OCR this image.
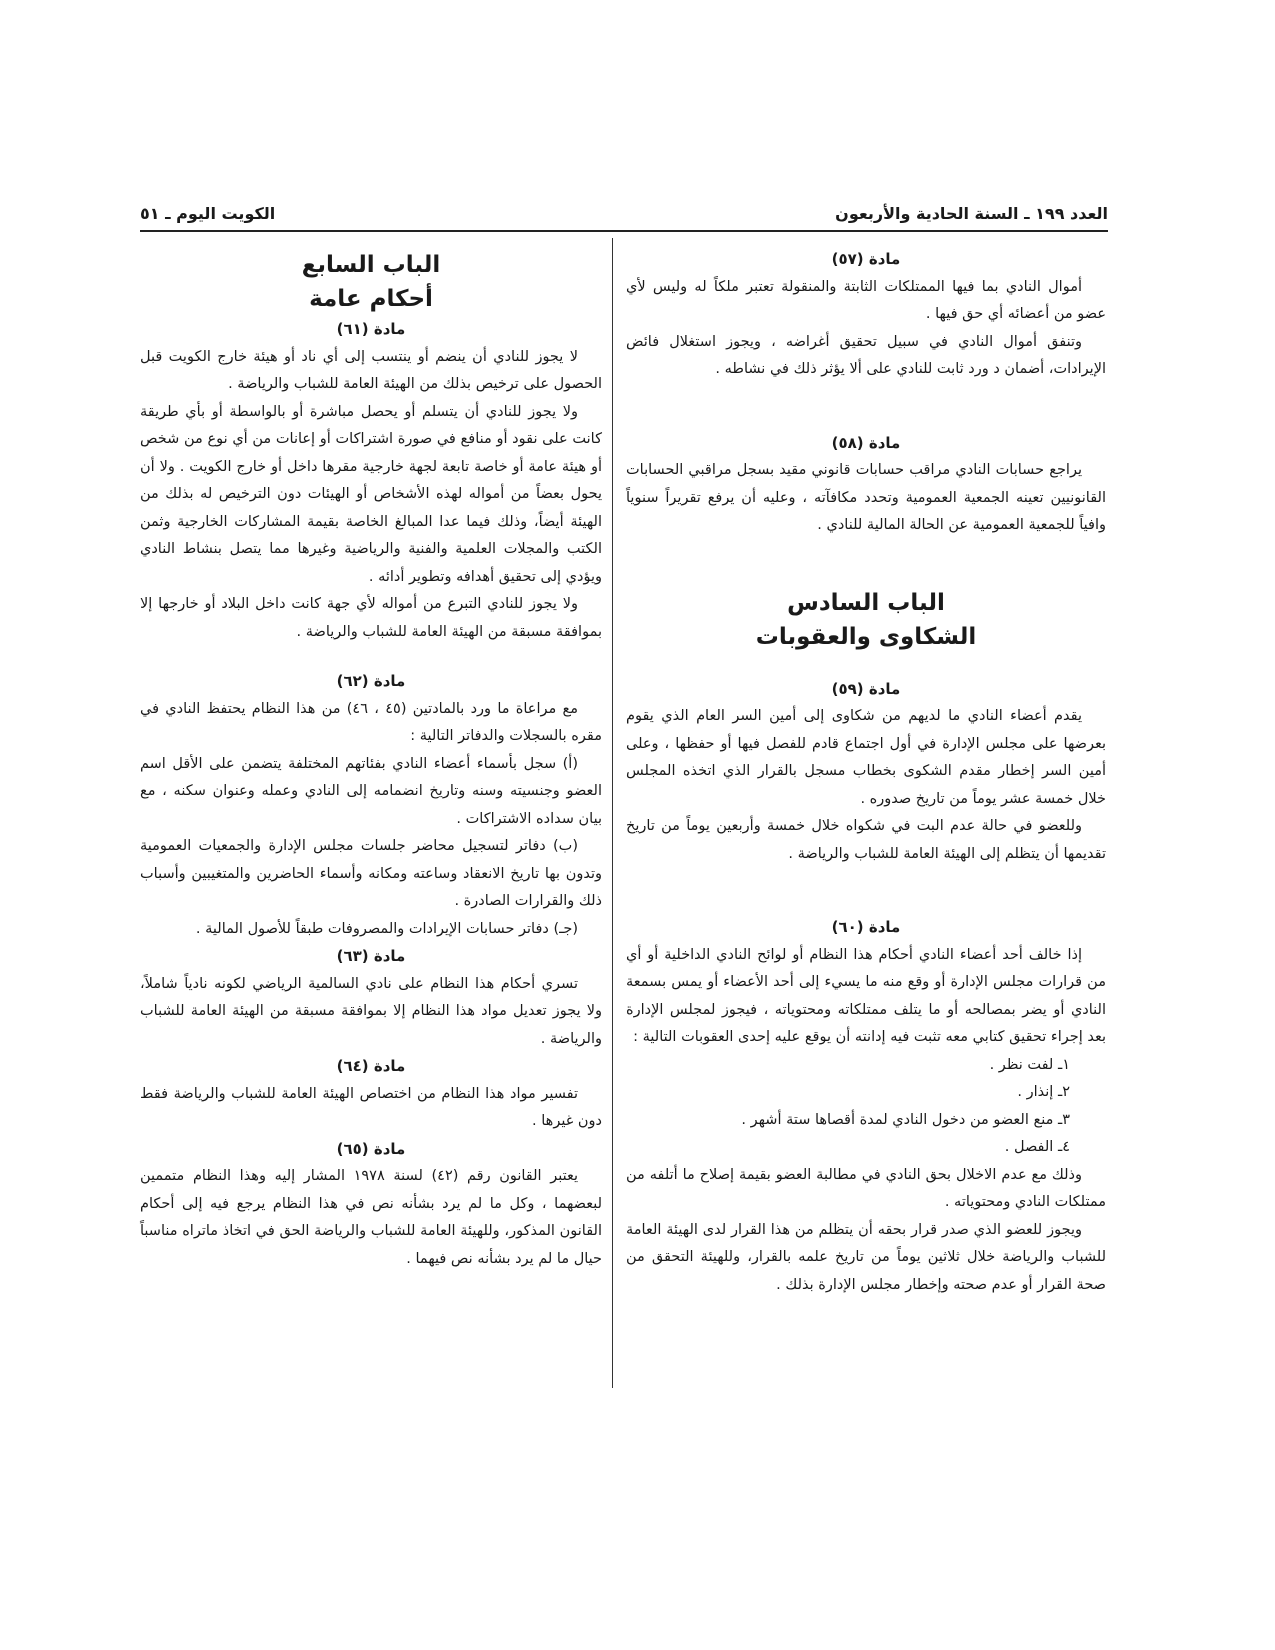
العدد ١٩٩ ـ السنة الحادية والأربعون
الكويت اليوم ـ ٥١

مادة (٥٧)

أموال النادي بما فيها الممتلكات الثابتة والمنقولة تعتبر ملكاً له وليس لأي عضو من أعضائه أي حق فيها .

وتنفق أموال النادي في سبيل تحقيق أغراضه ، ويجوز استغلال فائض الإيرادات، أضمان د ورد ثابت للنادي على ألا يؤثر ذلك في نشاطه .

مادة (٥٨)

يراجع حسابات النادي مراقب حسابات قانوني مقيد بسجل مراقبي الحسابات القانونيين تعينه الجمعية العمومية وتحدد مكافآته ، وعليه أن يرفع تقريراً سنوياً وافياً للجمعية العمومية عن الحالة المالية للنادي .

الباب السادس

الشكاوى والعقوبات

مادة (٥٩)

يقدم أعضاء النادي ما لديهم من شكاوى إلى أمين السر العام الذي يقوم بعرضها على مجلس الإدارة في أول اجتماع قادم للفصل فيها أو حفظها ، وعلى أمين السر إخطار مقدم الشكوى بخطاب مسجل بالقرار الذي اتخذه المجلس خلال خمسة عشر يوماً من تاريخ صدوره .

وللعضو في حالة عدم البت في شكواه خلال خمسة وأربعين يوماً من تاريخ تقديمها أن يتظلم إلى الهيئة العامة للشباب والرياضة .

مادة (٦٠)

إذا خالف أحد أعضاء النادي أحكام هذا النظام أو لوائح النادي الداخلية أو أي من قرارات مجلس الإدارة أو وقع منه ما يسيء إلى أحد الأعضاء أو يمس بسمعة النادي أو يضر بمصالحه أو ما يتلف ممتلكاته ومحتوياته ، فيجوز لمجلس الإدارة بعد إجراء تحقيق كتابي معه تثبت فيه إدانته أن يوقع عليه إحدى العقوبات التالية :

١ـ لفت نظر .

٢ـ إنذار .

٣ـ منع العضو من دخول النادي لمدة أقصاها ستة أشهر .

٤ـ الفصل .

وذلك مع عدم الاخلال بحق النادي في مطالبة العضو بقيمة إصلاح ما أتلفه من ممتلكات النادي ومحتوياته .

ويجوز للعضو الذي صدر قرار بحقه أن يتظلم من هذا القرار لدى الهيئة العامة للشباب والرياضة خلال ثلاثين يوماً من تاريخ علمه بالقرار، وللهيئة التحقق من صحة القرار أو عدم صحته وإخطار مجلس الإدارة بذلك .

الباب السابع

أحكام عامة

مادة (٦١)

لا يجوز للنادي أن ينضم أو ينتسب إلى أي ناد أو هيئة خارج الكويت قبل الحصول على ترخيص بذلك من الهيئة العامة للشباب والرياضة .

ولا يجوز للنادي أن يتسلم أو يحصل مباشرة أو بالواسطة أو بأي طريقة كانت على نقود أو منافع في صورة اشتراكات أو إعانات من أي نوع من شخص أو هيئة عامة أو خاصة تابعة لجهة خارجية مقرها داخل أو خارج الكويت . ولا أن يحول بعضاً من أمواله لهذه الأشخاص أو الهيئات دون الترخيص له بذلك من الهيئة أيضاً، وذلك فيما عدا المبالغ الخاصة بقيمة المشاركات الخارجية وثمن الكتب والمجلات العلمية والفنية والرياضية وغيرها مما يتصل بنشاط النادي ويؤدي إلى تحقيق أهدافه وتطوير أدائه .

ولا يجوز للنادي التبرع من أمواله لأي جهة كانت داخل البلاد أو خارجها إلا بموافقة مسبقة من الهيئة العامة للشباب والرياضة .

مادة (٦٢)

مع مراعاة ما ورد بالمادتين (٤٥ ، ٤٦) من هذا النظام يحتفظ النادي في مقره بالسجلات والدفاتر التالية :

(أ) سجل بأسماء أعضاء النادي بفئاتهم المختلفة يتضمن على الأقل اسم العضو وجنسيته وسنه وتاريخ انضمامه إلى النادي وعمله وعنوان سكنه ، مع بيان سداده الاشتراكات .

(ب) دفاتر لتسجيل محاضر جلسات مجلس الإدارة والجمعيات العمومية وتدون بها تاريخ الانعقاد وساعته ومكانه وأسماء الحاضرين والمتغيبين وأسباب ذلك والقرارات الصادرة .

(جـ) دفاتر حسابات الإيرادات والمصروفات طبقاً للأصول المالية .

مادة (٦٣)

تسري أحكام هذا النظام على نادي السالمية الرياضي لكونه نادياً شاملاً، ولا يجوز تعديل مواد هذا النظام إلا بموافقة مسبقة من الهيئة العامة للشباب والرياضة .

مادة (٦٤)

تفسير مواد هذا النظام من اختصاص الهيئة العامة للشباب والرياضة فقط دون غيرها .

مادة (٦٥)

يعتبر القانون رقم (٤٢) لسنة ١٩٧٨ المشار إليه وهذا النظام متممين لبعضهما ، وكل ما لم يرد بشأنه نص في هذا النظام يرجع فيه إلى أحكام القانون المذكور، وللهيئة العامة للشباب والرياضة الحق في اتخاذ ماتراه مناسباً حيال ما لم يرد بشأنه نص فيهما .
